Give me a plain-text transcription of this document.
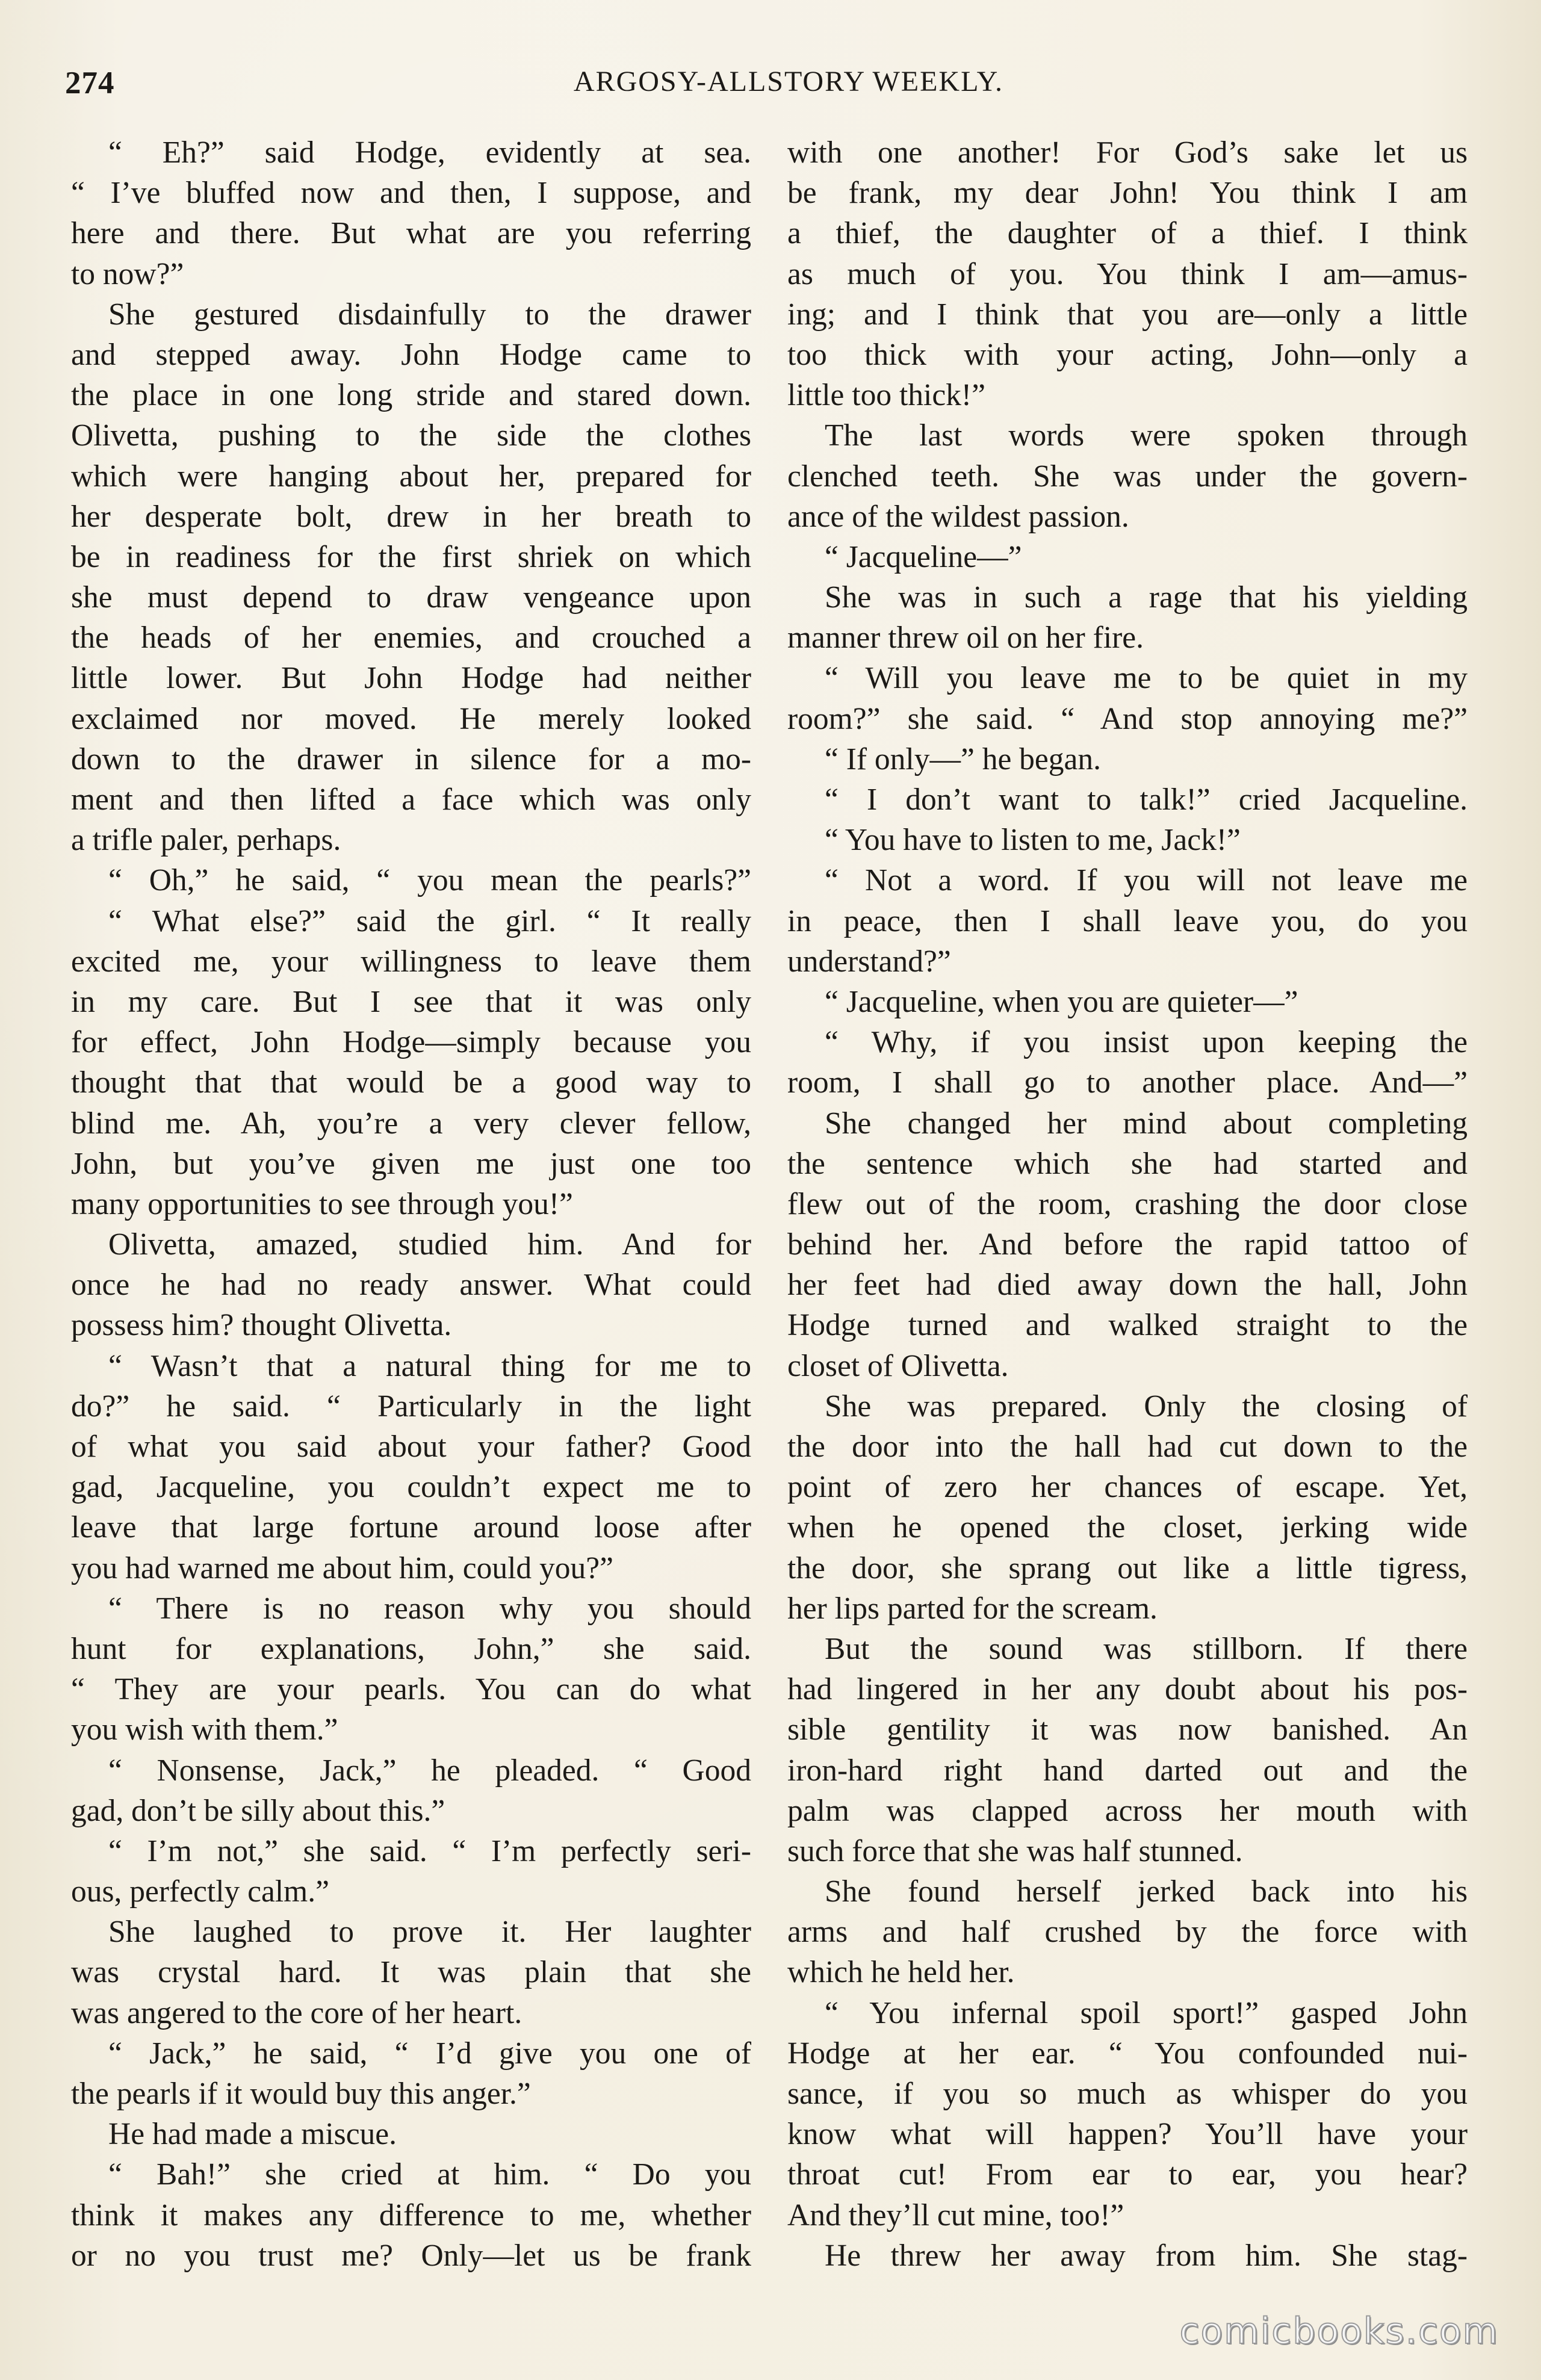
274	ARGOSY-ALLSTORY WEEKLY.
“ Eh?” said Hodge, evidently at sea.
“ I’ve bluffed now and then, I suppose, and
here and there. But what are you referring
to now?”
She gestured disdainfully to the drawer
and stepped away. John Hodge came to
the place in one long stride and stared down.
Olivetta, pushing to the side the clothes
which were hanging about her, prepared for
her desperate bolt, drew in her breath to
be in readiness for the first shriek on which
she must depend to draw vengeance upon
the heads of her enemies, and crouched a
little lower. But John Hodge had neither
exclaimed nor moved. He merely looked
down to the drawer in silence for a mo-
ment and then lifted a face which was only
a trifle paler, perhaps.
“ Oh,” he said, “ you mean the pearls?”
“ What else?” said the girl. “ It really
excited me, your willingness to leave them
in my care. But I see that it was only
for effect, John Hodge—simply because you
thought that that would be a good way to
blind me. Ah, you’re a very clever fellow,
John, but you’ve given me just one too
many opportunities to see through you!”
Olivetta, amazed, studied him. And for
once he had no ready answer. What could
possess him? thought Olivetta.
“ Wasn’t that a natural thing for me to
do?” he said. “ Particularly in the light
of what you said about your father? Good
gad, Jacqueline, you couldn’t expect me to
leave that large fortune around loose after
you had warned me about him, could you?”
“ There is no reason why you should
hunt for explanations, John,” she said.
“ They are your pearls. You can do what
you wish with them.”
“ Nonsense, Jack,” he pleaded. “ Good
gad, don’t be silly about this.”
“ I’m not,” she said. “ I’m perfectly seri-
ous, perfectly calm.”
She laughed to prove it. Her laughter
was crystal hard. It was plain that she
was angered to the core of her heart.
“ Jack,” he said, “ I’d give you one of
the pearls if it would buy this anger.”
He had made a miscue.
“ Bah!” she cried at him. “ Do you
think it makes any difference to me, whether
or no you trust me? Only—let us be frank
with one another! For God’s sake let us
be frank, my dear John! You think I am
a thief, the daughter of a thief. I think
as much of you. You think I am—amus-
ing; and I think that you are—only a little
too thick with your acting, John—only a
little too thick!”
The last words were spoken through
clenched teeth. She was under the govern-
ance of the wildest passion.
“ Jacqueline—”
She was in such a rage that his yielding
manner threw oil on her fire.
“ Will you leave me to be quiet in my
room?” she said. “ And stop annoying me?”
“ If only—” he began.
“ I don’t want to talk!” cried Jacqueline.
“ You have to listen to me, Jack!”
“ Not a word. If you will not leave me
in peace, then I shall leave you, do you
understand?”
“ Jacqueline, when you are quieter—”
“ Why, if you insist upon keeping the
room, I shall go to another place. And—”
She changed her mind about completing
the sentence which she had started and
flew out of the room, crashing the door close
behind her. And before the rapid tattoo of
her feet had died away down the hall, John
Hodge turned and walked straight to the
closet of Olivetta.
She was prepared. Only the closing of
the door into the hall had cut down to the
point of zero her chances of escape. Yet,
when he opened the closet, jerking wide
the door, she sprang out like a little tigress,
her lips parted for the scream.
But the sound was stillborn. If there
had lingered in her any doubt about his pos-
sible gentility it was now banished. An
iron-hard right hand darted out and the
palm was clapped across her mouth with
such force that she was half stunned.
She found herself jerked back into his
arms and half crushed by the force with
which he held her.
“ You infernal spoil sport!” gasped John
Hodge at her ear. “ You confounded nui-
sance, if you so much as whisper do you
know what will happen? You’ll have your
throat cut! From ear to ear, you hear?
And they’ll cut mine, too!”
He threw her away from him. She stag-
comicbooks.com
